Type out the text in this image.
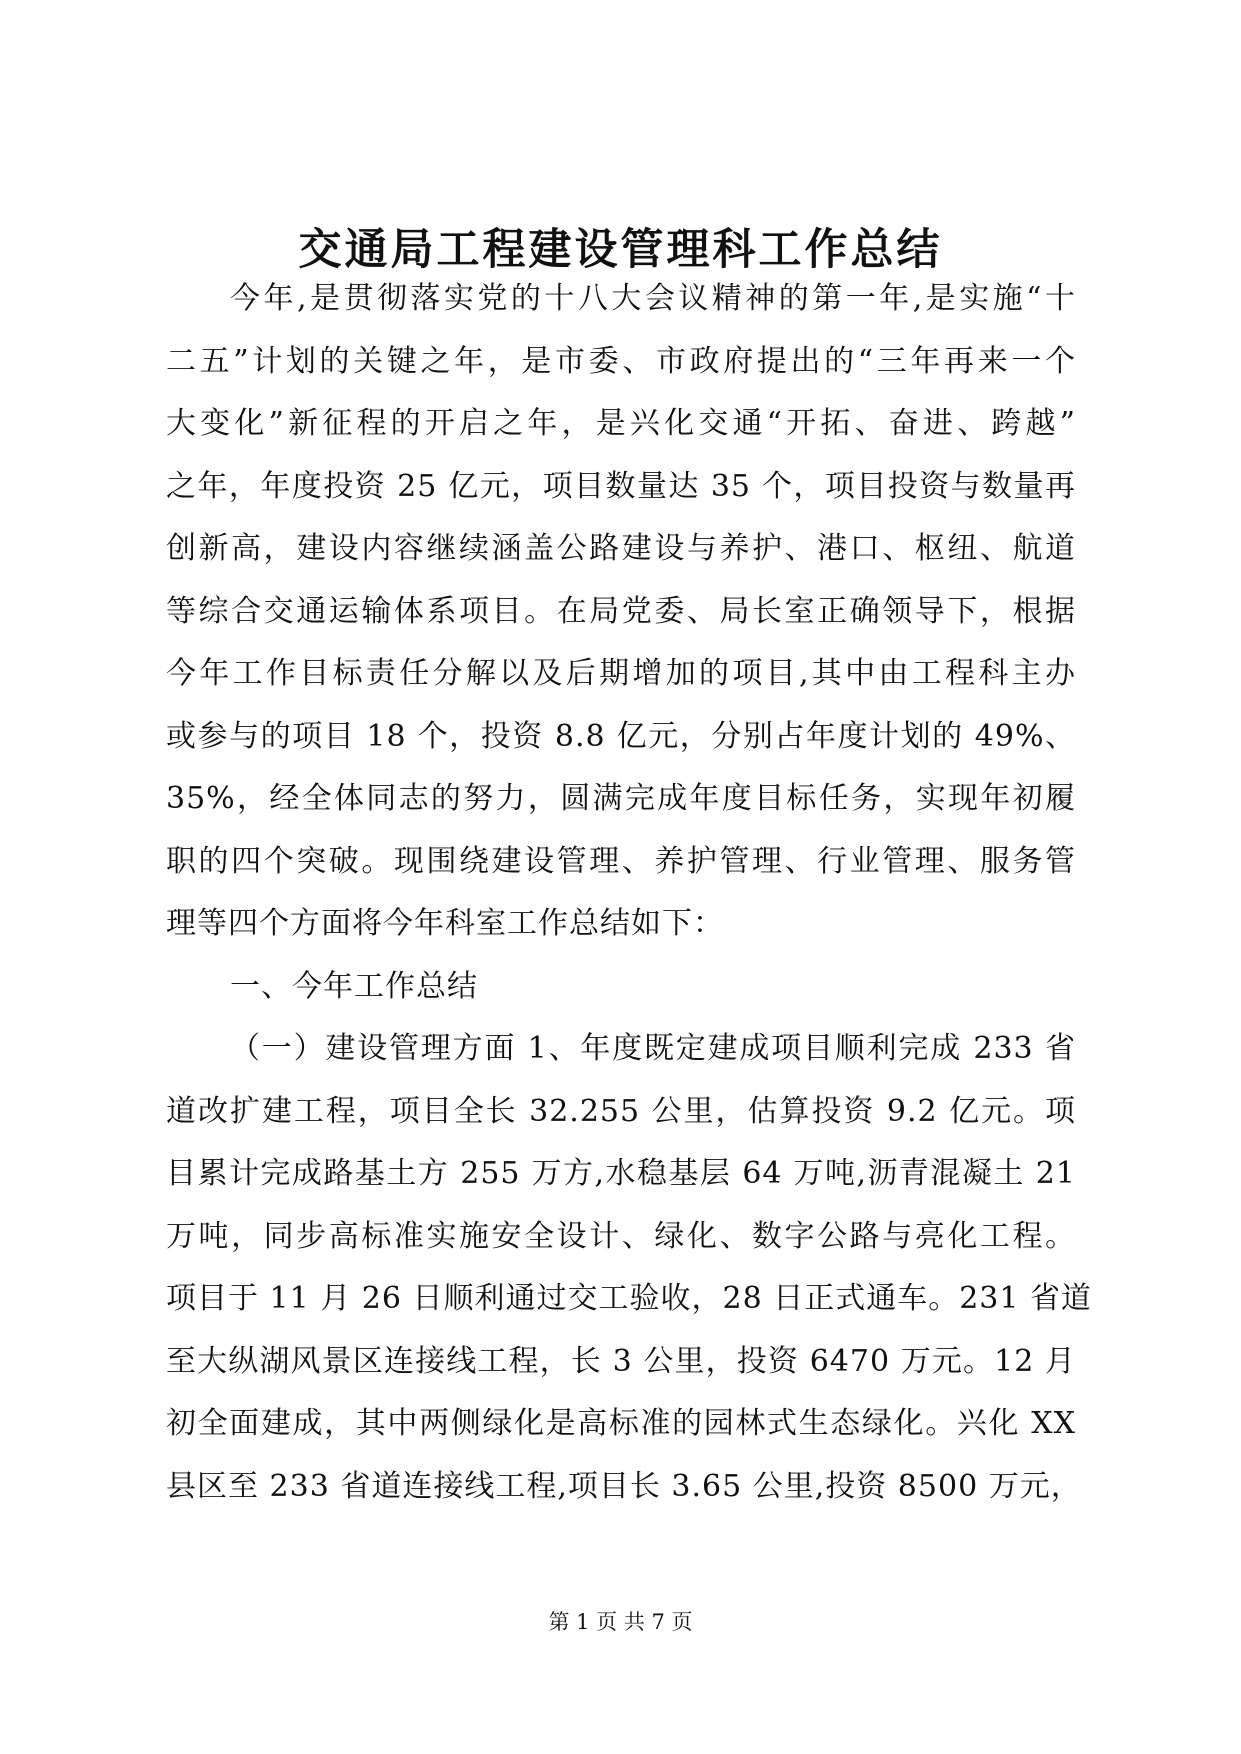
交通局工程建设管理科工作总结
今年,是贯彻落实党的十八大会议精神的第一年,是实施“十
二五”计划的关键之年，是市委、市政府提出的“三年再来一个
大变化”新征程的开启之年，是兴化交通“开拓、奋进、跨越”
之年，年度投资 25 亿元，项目数量达 35 个，项目投资与数量再
创新高，建设内容继续涵盖公路建设与养护、港口、枢纽、航道
等综合交通运输体系项目。在局党委、局长室正确领导下，根据
今年工作目标责任分解以及后期增加的项目,其中由工程科主办
或参与的项目 18 个，投资 8.8 亿元，分别占年度计划的 49%、
35%，经全体同志的努力，圆满完成年度目标任务，实现年初履
职的四个突破。现围绕建设管理、养护管理、行业管理、服务管
理等四个方面将今年科室工作总结如下：
一、今年工作总结
（一）建设管理方面 1、年度既定建成项目顺利完成 233 省
道改扩建工程，项目全长 32.255 公里，估算投资 9.2 亿元。项
目累计完成路基土方 255 万方,水稳基层 64 万吨,沥青混凝土 21
万吨，同步高标准实施安全设计、绿化、数字公路与亮化工程。
项目于 11 月 26 日顺利通过交工验收，28 日正式通车。231 省道
至大纵湖风景区连接线工程，长 3 公里，投资 6470 万元。12 月
初全面建成，其中两侧绿化是高标准的园林式生态绿化。兴化 XX
县区至 233 省道连接线工程,项目长 3.65 公里,投资 8500 万元，
第 1 页 共 7 页
